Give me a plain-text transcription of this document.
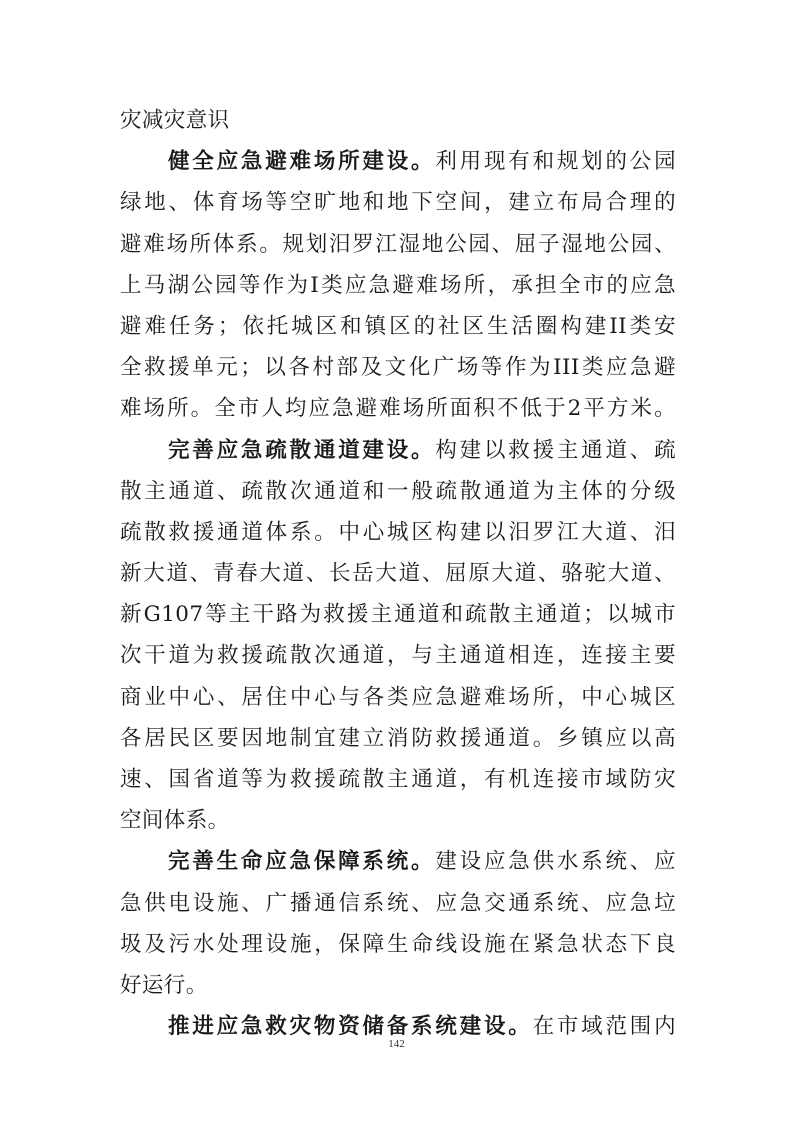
灾减灾意识
健全应急避难场所建设。利用现有和规划的公园
绿地、体育场等空旷地和地下空间，建立布局合理的
避难场所体系。规划汨罗江湿地公园、屈子湿地公园、
上马湖公园等作为I类应急避难场所，承担全市的应急
避难任务；依托城区和镇区的社区生活圈构建II类安
全救援单元；以各村部及文化广场等作为III类应急避
难场所。全市人均应急避难场所面积不低于2平方米。
完善应急疏散通道建设。构建以救援主通道、疏
散主通道、疏散次通道和一般疏散通道为主体的分级
疏散救援通道体系。中心城区构建以汨罗江大道、汨
新大道、青春大道、长岳大道、屈原大道、骆驼大道、
新G107等主干路为救援主通道和疏散主通道；以城市
次干道为救援疏散次通道，与主通道相连，连接主要
商业中心、居住中心与各类应急避难场所，中心城区
各居民区要因地制宜建立消防救援通道。乡镇应以高
速、国省道等为救援疏散主通道，有机连接市域防灾
空间体系。
完善生命应急保障系统。建设应急供水系统、应
急供电设施、广播通信系统、应急交通系统、应急垃
圾及污水处理设施，保障生命线设施在紧急状态下良
好运行。
推进应急救灾物资储备系统建设。在市域范围内
142
